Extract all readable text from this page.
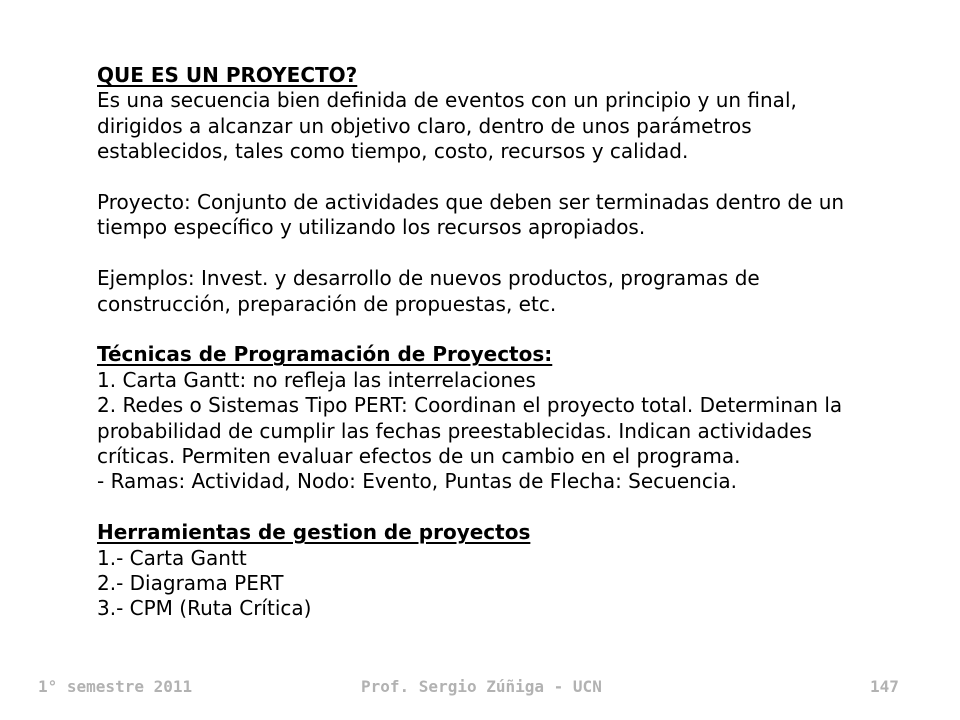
QUE ES UN PROYECTO?

Es una secuencia bien definida de eventos con un principio y un final,

dirigidos a alcanzar un objetivo claro, dentro de unos parámetros

establecidos, tales como tiempo, costo, recursos y calidad.

Proyecto: Conjunto de actividades que deben ser terminadas dentro de un

tiempo específico y utilizando los recursos apropiados.

Ejemplos: Invest. y desarrollo de nuevos productos, programas de

construcción, preparación de propuestas, etc.

Técnicas de Programación de Proyectos:

1. Carta Gantt: no refleja las interrelaciones

2. Redes o Sistemas Tipo PERT: Coordinan el proyecto total. Determinan la

probabilidad de cumplir las fechas preestablecidas. Indican actividades

críticas. Permiten evaluar efectos de un cambio en el programa.

- Ramas: Actividad, Nodo: Evento, Puntas de Flecha: Secuencia.

Herramientas de gestion de proyectos

1.- Carta Gantt

2.- Diagrama PERT

3.- CPM (Ruta Crítica)

1° semestre 2011	Prof. Sergio Zúñiga - UCN	147
